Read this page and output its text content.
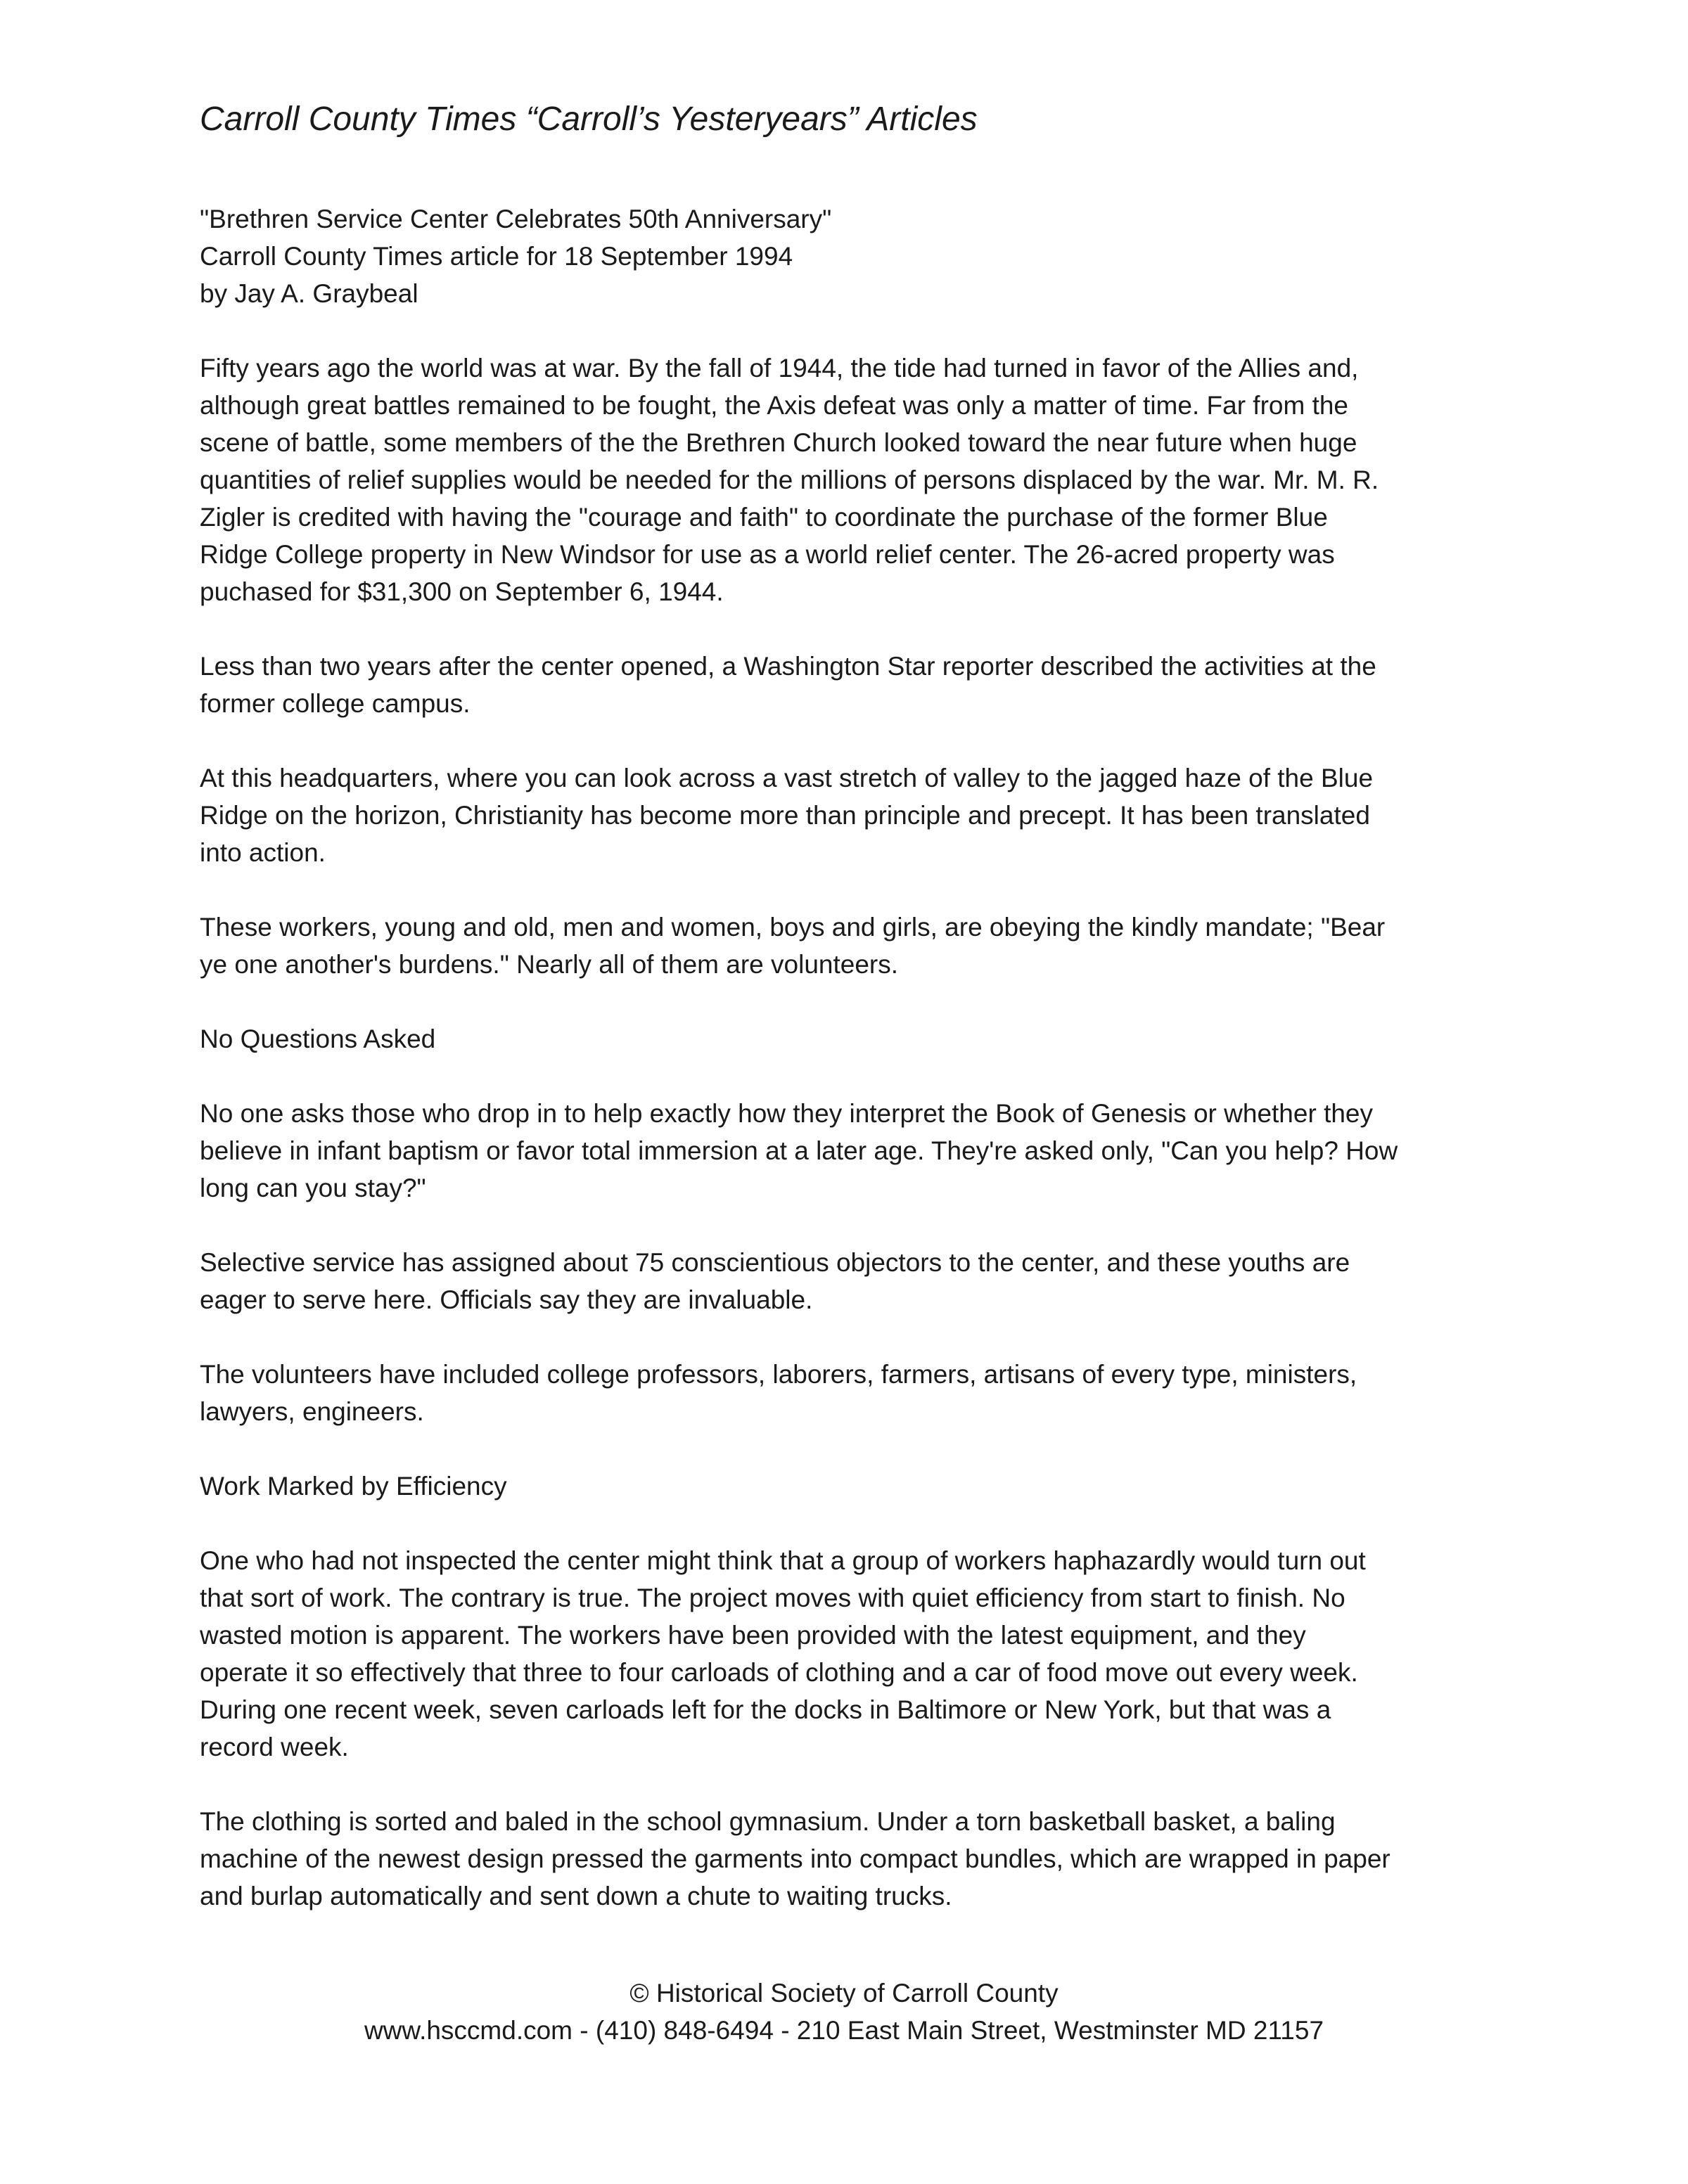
Carroll County Times “Carroll’s Yesteryears” Articles

"Brethren Service Center Celebrates 50th Anniversary"
Carroll County Times article for 18 September 1994
by Jay A. Graybeal

Fifty years ago the world was at war. By the fall of 1944, the tide had turned in favor of the Allies and,
although great battles remained to be fought, the Axis defeat was only a matter of time. Far from the
scene of battle, some members of the the Brethren Church looked toward the near future when huge
quantities of relief supplies would be needed for the millions of persons displaced by the war. Mr. M. R.
Zigler is credited with having the "courage and faith" to coordinate the purchase of the former Blue
Ridge College property in New Windsor for use as a world relief center. The 26-acred property was
puchased for $31,300 on September 6, 1944.

Less than two years after the center opened, a Washington Star reporter described the activities at the
former college campus.

At this headquarters, where you can look across a vast stretch of valley to the jagged haze of the Blue
Ridge on the horizon, Christianity has become more than principle and precept. It has been translated
into action.

These workers, young and old, men and women, boys and girls, are obeying the kindly mandate; "Bear
ye one another's burdens." Nearly all of them are volunteers.

No Questions Asked

No one asks those who drop in to help exactly how they interpret the Book of Genesis or whether they
believe in infant baptism or favor total immersion at a later age. They're asked only, "Can you help? How
long can you stay?"

Selective service has assigned about 75 conscientious objectors to the center, and these youths are
eager to serve here. Officials say they are invaluable.

The volunteers have included college professors, laborers, farmers, artisans of every type, ministers,
lawyers, engineers.

Work Marked by Efficiency

One who had not inspected the center might think that a group of workers haphazardly would turn out
that sort of work. The contrary is true. The project moves with quiet efficiency from start to finish. No
wasted motion is apparent. The workers have been provided with the latest equipment, and they
operate it so effectively that three to four carloads of clothing and a car of food move out every week.
During one recent week, seven carloads left for the docks in Baltimore or New York, but that was a
record week.

The clothing is sorted and baled in the school gymnasium. Under a torn basketball basket, a baling
machine of the newest design pressed the garments into compact bundles, which are wrapped in paper
and burlap automatically and sent down a chute to waiting trucks.

© Historical Society of Carroll County
www.hsccmd.com - (410) 848-6494 - 210 East Main Street, Westminster MD 21157
